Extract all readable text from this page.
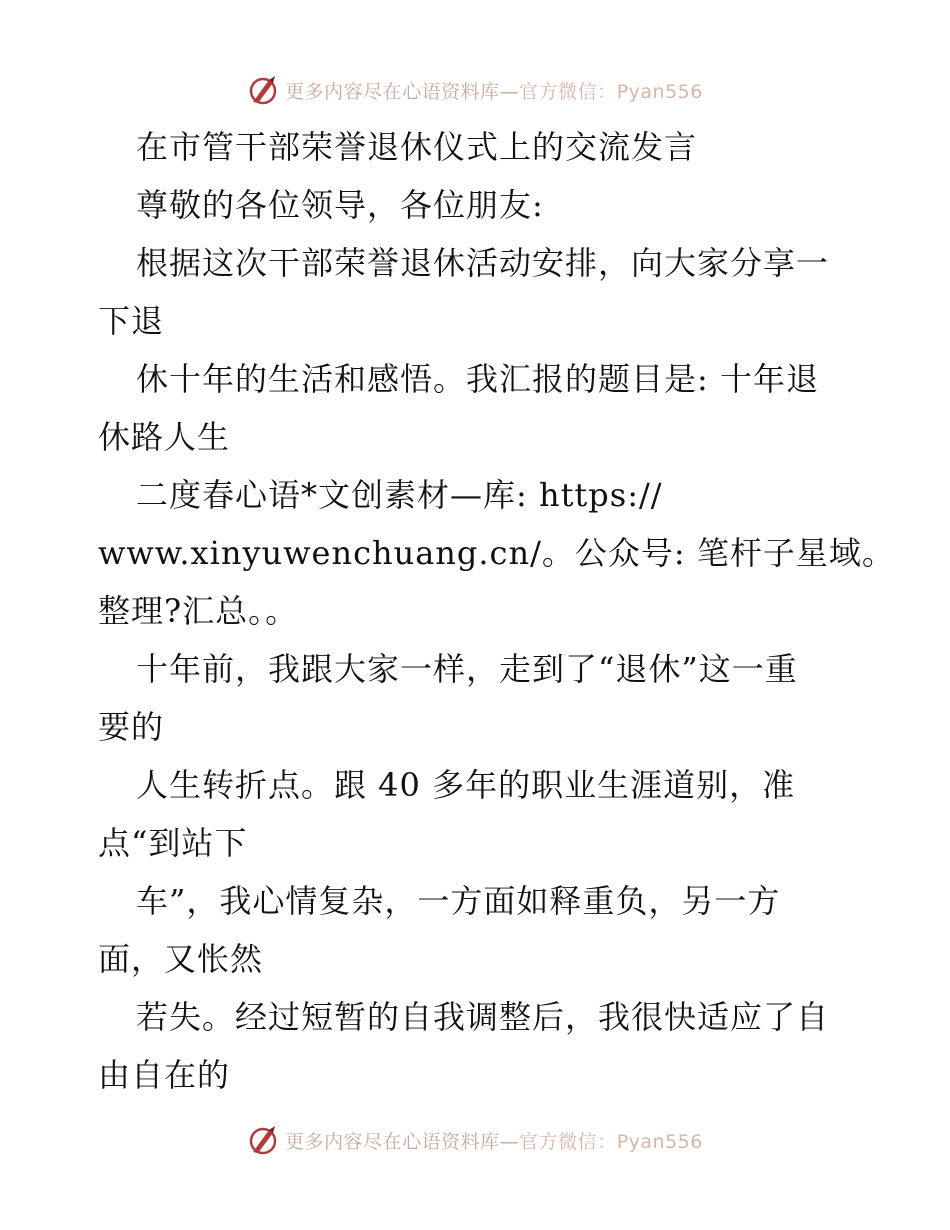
更多内容尽在心语资料库—官方微信：Pyan556
在市管干部荣誉退休仪式上的交流发言
尊敬的各位领导，各位朋友:
根据这次干部荣誉退休活动安排，向大家分享一
下退
休十年的生活和感悟。我汇报的题目是: 十年退
休路人生
二度春心语*文创素材—库: https://
www.xinyuwenchuang.cn/。公众号: 笔杆子星域。
整理?汇总。。
十年前，我跟大家一样，走到了“退休”这一重
要的
人生转折点。跟 40 多年的职业生涯道别，准
点“到站下
车”，我心情复杂，一方面如释重负，另一方
面，又怅然
若失。经过短暂的自我调整后，我很快适应了自
由自在的
更多内容尽在心语资料库—官方微信：Pyan556
